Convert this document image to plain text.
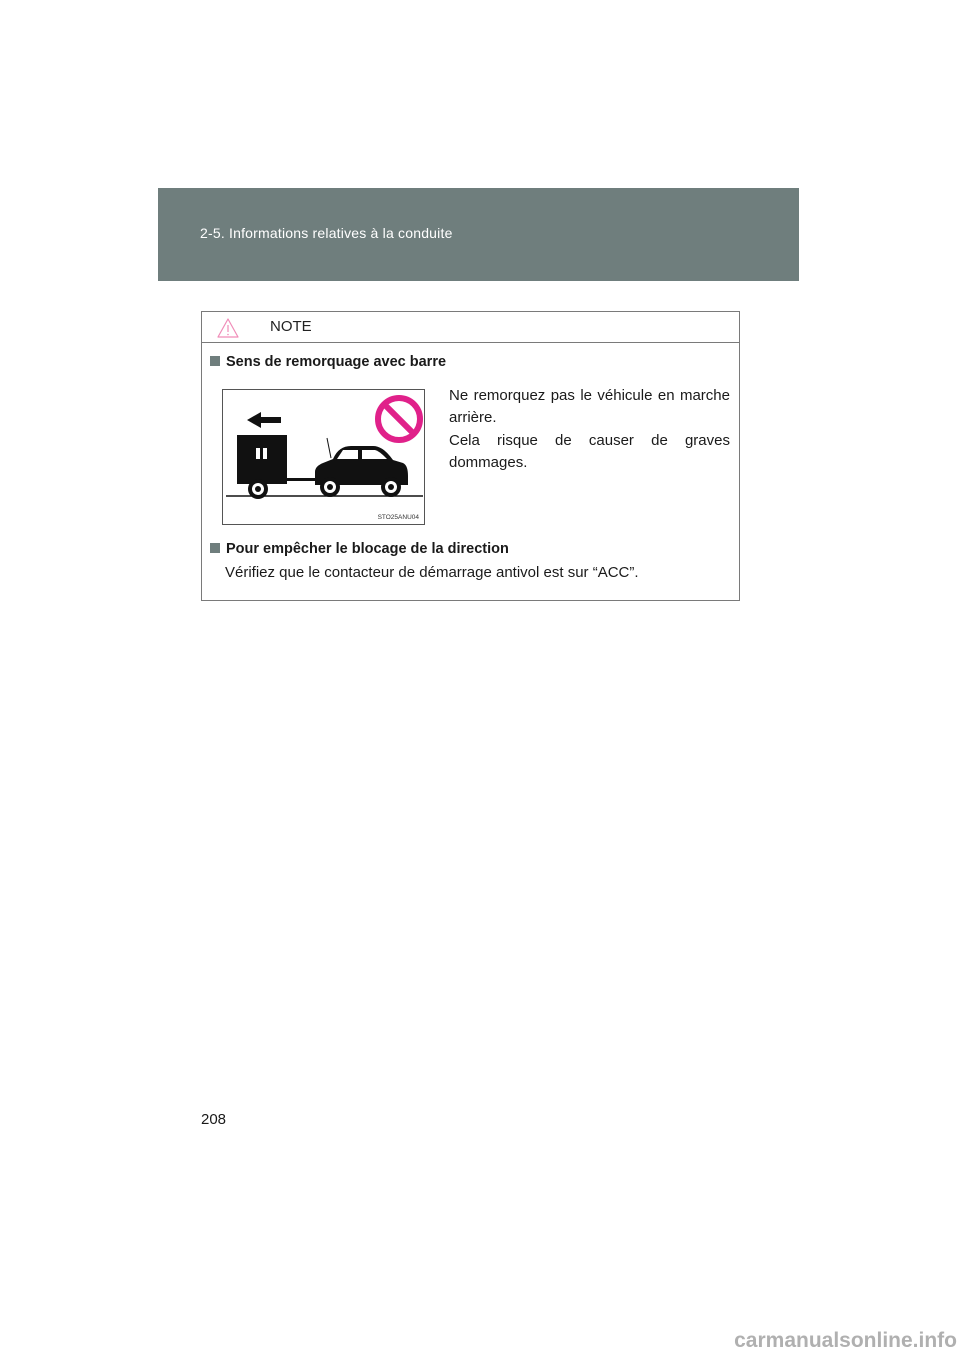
2-5. Informations relatives à la conduite
NOTE
Sens de remorquage avec barre
STO25ANU04

Ne remorquez pas le véhicule en marche arrière.

Cela risque de causer de graves dommages.

Pour empêcher le blocage de la direction
Vérifiez que le contacteur de démarrage antivol est sur “ACC”.
208
carmanualsonline.info
